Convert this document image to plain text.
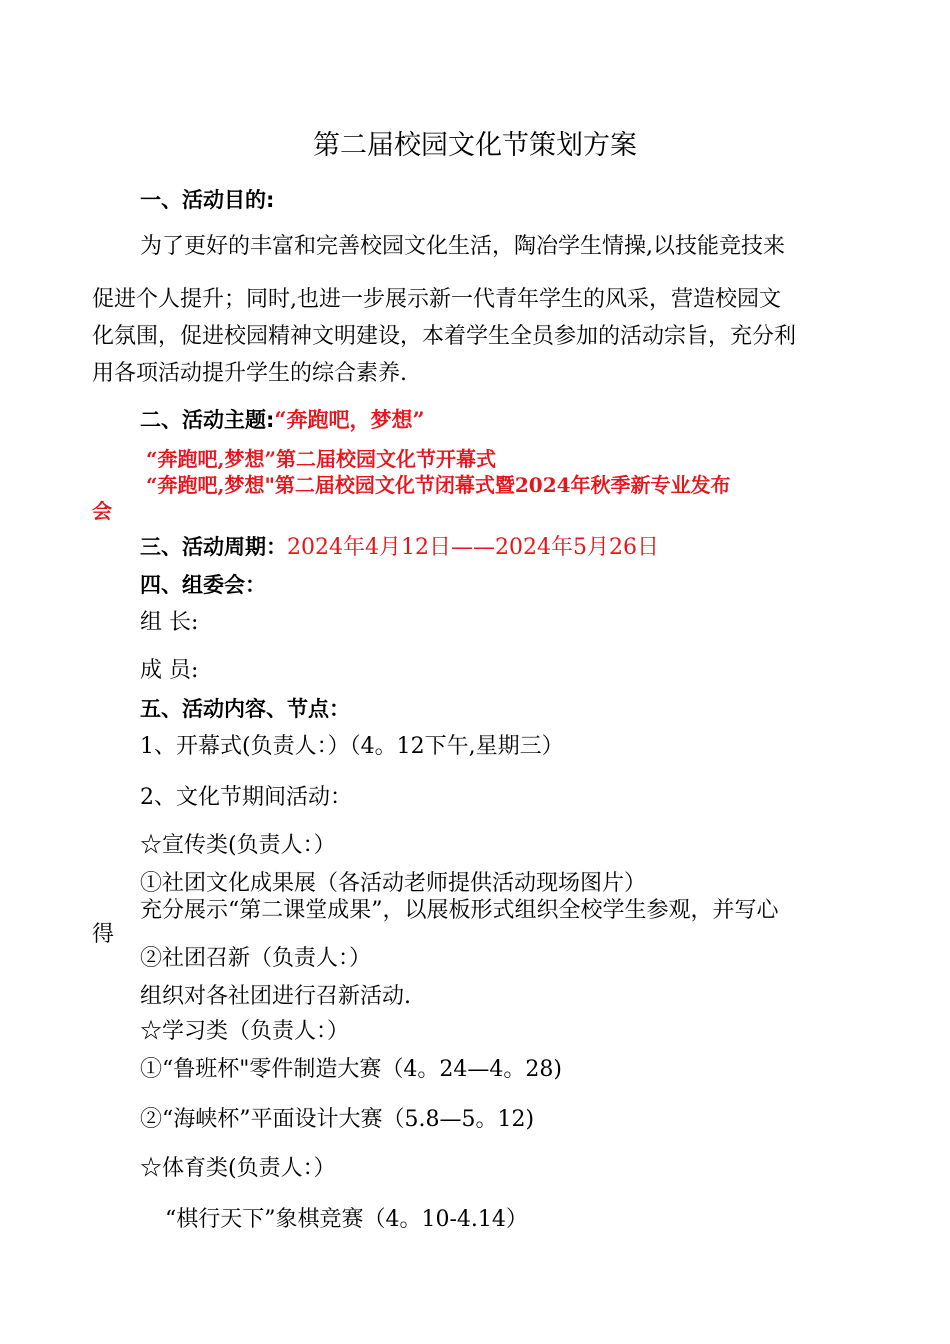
第二届校园文化节策划方案
一、活动目的:
为了更好的丰富和完善校园文化生活，陶冶学生情操,以技能竞技来
促进个人提升；同时,也进一步展示新一代青年学生的风采，营造校园文
化氛围，促进校园精神文明建设，本着学生全员参加的活动宗旨，充分利
用各项活动提升学生的综合素养.
二、活动主题:“奔跑吧，梦想”
“奔跑吧,梦想”第二届校园文化节开幕式
“奔跑吧,梦想"第二届校园文化节闭幕式暨2024年秋季新专业发布
会
三、活动周期：2024年4月12日——2024年5月26日
四、组委会：
组 长:
成 员:
五、活动内容、节点：
1、开幕式(负责人：）（4。12下午,星期三）
2、文化节期间活动：
☆宣传类(负责人：）
①社团文化成果展（各活动老师提供活动现场图片）
充分展示“第二课堂成果”，以展板形式组织全校学生参观，并写心
得
②社团召新（负责人：）
组织对各社团进行召新活动.
☆学习类（负责人：）
①“鲁班杯"零件制造大赛（4。24—4。28)
②“海峡杯”平面设计大赛（5.8—5。12)
☆体育类(负责人：）
“棋行天下”象棋竞赛（4。10-4.14）
